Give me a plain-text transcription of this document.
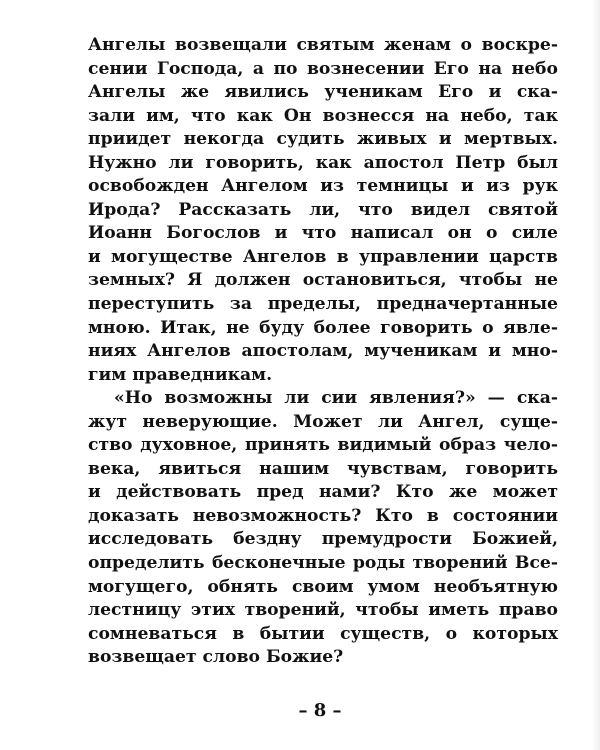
Ангелы возвещали святым женам о воскре-
сении Господа, а по вознесении Его на небо
Ангелы же явились ученикам Его и ска-
зали им, что как Он вознесся на небо, так
приидет некогда судить живых и мертвых.
Нужно ли говорить, как апостол Петр был
освобожден Ангелом из темницы и из рук
Ирода? Рассказать ли, что видел святой
Иоанн Богослов и что написал он о силе
и могуществе Ангелов в управлении царств
земных? Я должен остановиться, чтобы не
переступить за пределы, предначертанные
мною. Итак, не буду более говорить о явле-
ниях Ангелов апостолам, мученикам и мно-
гим праведникам.
«Но возможны ли сии явления?» — ска-
жут неверующие. Может ли Ангел, суще-
ство духовное, принять видимый образ чело-
века, явиться нашим чувствам, говорить
и действовать пред нами? Кто же может
доказать невозможность? Кто в состоянии
исследовать бездну премудрости Божией,
определить бесконечные роды творений Все-
могущего, обнять своим умом необъятную
лестницу этих творений, чтобы иметь право
сомневаться в бытии существ, о которых
возвещает слово Божие?
– 8 –
